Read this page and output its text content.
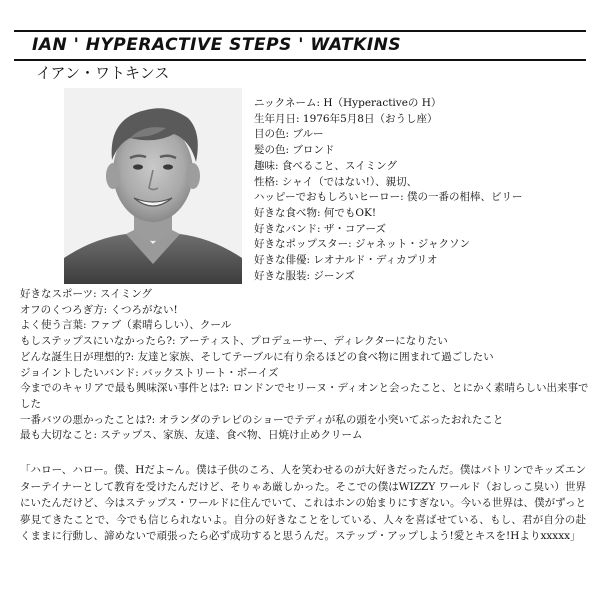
IAN ' HYPERACTIVE STEPS ' WATKINS
イアン・ワトキンス
ニックネーム: H（Hyperactiveの H）
生年月日: 1976年5月8日（おうし座）
目の色: ブルー
髪の色: ブロンド
趣味: 食べること、スイミング
性格: シャイ（ではない!）、親切、
ハッピーでおもしろいヒーロー: 僕の一番の相棒、ビリー
好きな食べ物: 何でもOK!
好きなバンド: ザ・コアーズ
好きなポップスター: ジャネット・ジャクソン
好きな俳優: レオナルド・ディカプリオ
好きな服装: ジーンズ
好きなスポーツ: スイミング
オフのくつろぎ方: くつろがない!
よく使う言葉: ファブ（素晴らしい）、クール
もしステップスにいなかったら?: アーティスト、プロデューサー、ディレクターになりたい
どんな誕生日が理想的?: 友達と家族、そしてテーブルに有り余るほどの食べ物に囲まれて過ごしたい
ジョイントしたいバンド: バックストリート・ボーイズ
今までのキャリアで最も興味深い事件とは?: ロンドンでセリーヌ・ディオンと会ったこと、とにかく素晴らしい出来事でした
一番バツの悪かったことは?: オランダのテレビのショーでテディが私の頭を小突いてぶったおれたこと
最も大切なこと: ステップス、家族、友達、食べ物、日焼け止めクリーム
「ハロー、ハロー。僕、Hだよ~ん。僕は子供のころ、人を笑わせるのが大好きだったんだ。僕はバトリンでキッズエンターテイナーとして教育を受けたんだけど、そりゃあ厳しかった。そこでの僕はWIZZY ワールド（おしっこ臭い）世界にいたんだけど、今はステップス・ワールドに住んでいて、これはホンの始まりにすぎない。今いる世界は、僕がずっと夢見てきたことで、今でも信じられないよ。自分の好きなことをしている、人々を喜ばせている、もし、君が自分の赴くままに行動し、諦めないで頑張ったら必ず成功すると思うんだ。ステップ・アップしよう!愛とキスを!Hよりxxxxx」
